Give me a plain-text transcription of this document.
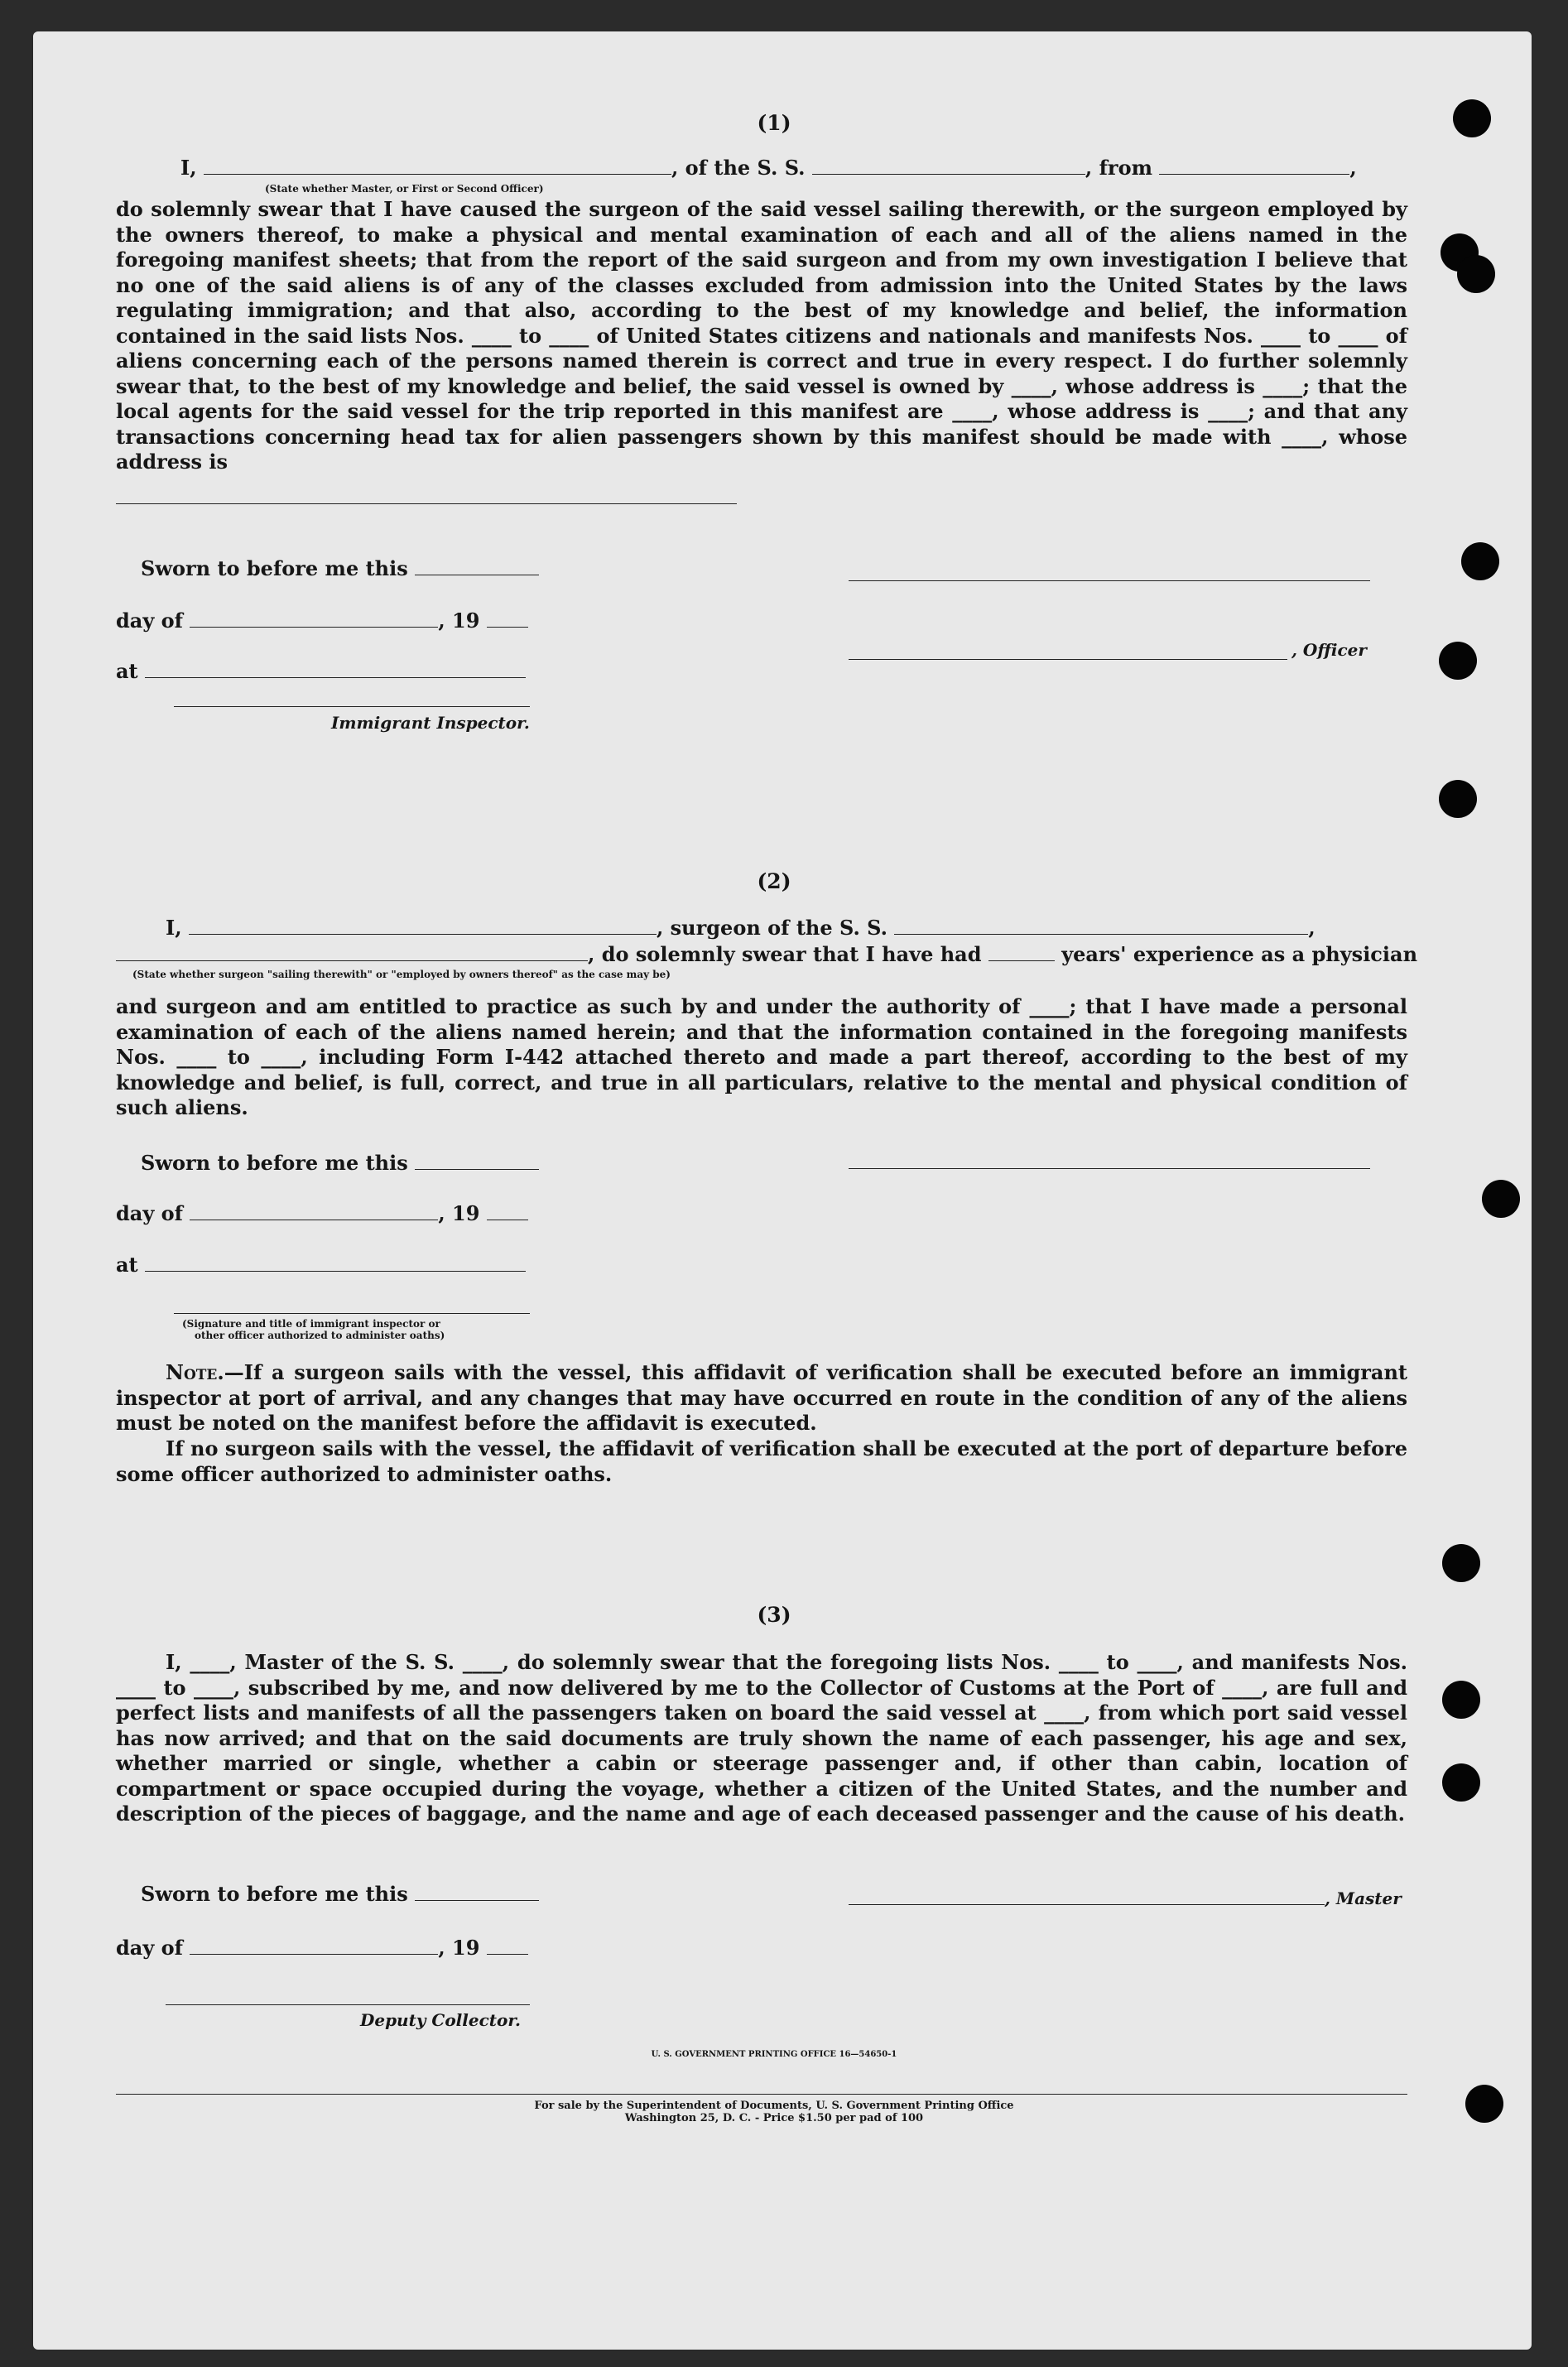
(1)
I,	, of the S. S.	, from	,
(State whether Master, or First or Second Officer)
do solemnly swear that I have caused the surgeon of the said vessel sailing therewith, or the surgeon employed by the owners thereof, to make a physical and mental examination of each and all of the aliens named in the foregoing manifest sheets; that from the report of the said surgeon and from my own investigation I believe that no one of the said aliens is of any of the classes excluded from admission into the United States by the laws regulating immigration; and that also, according to the best of my knowledge and belief, the information contained in the said lists Nos. ____ to ____ of United States citizens and nationals and manifests Nos. ____ to ____ of aliens concerning each of the persons named therein is correct and true in every respect. I do further solemnly swear that, to the best of my knowledge and belief, the said vessel is owned by ____, whose address is ____; that the local agents for the said vessel for the trip reported in this manifest are ____, whose address is ____; and that any transactions concerning head tax for alien passengers shown by this manifest should be made with ____, whose address is
Sworn to before me this
day of	, 19
, Officer
at
Immigrant Inspector.
(2)
I,	, surgeon of the S. S.	,
, do solemnly swear that I have had	years' experience as a physician
(State whether surgeon "sailing therewith" or "employed by owners thereof" as the case may be)
and surgeon and am entitled to practice as such by and under the authority of ____; that I have made a personal examination of each of the aliens named herein; and that the information contained in the foregoing manifests Nos. ____ to ____, including Form I-442 attached thereto and made a part thereof, according to the best of my knowledge and belief, is full, correct, and true in all particulars, relative to the mental and physical condition of such aliens.
Sworn to before me this
day of	, 19
at
(Signature and title of immigrant inspector or
other officer authorized to administer oaths)
Note.—If a surgeon sails with the vessel, this affidavit of verification shall be executed before an immigrant inspector at port of arrival, and any changes that may have occurred en route in the condition of any of the aliens must be noted on the manifest before the affidavit is executed.
If no surgeon sails with the vessel, the affidavit of verification shall be executed at the port of departure before some officer authorized to administer oaths.
(3)
I, ____, Master of the S. S. ____, do solemnly swear that the foregoing lists Nos. ____ to ____, and manifests Nos. ____ to ____, subscribed by me, and now delivered by me to the Collector of Customs at the Port of ____, are full and perfect lists and manifests of all the passengers taken on board the said vessel at ____, from which port said vessel has now arrived; and that on the said documents are truly shown the name of each passenger, his age and sex, whether married or single, whether a cabin or steerage passenger and, if other than cabin, location of compartment or space occupied during the voyage, whether a citizen of the United States, and the number and description of the pieces of baggage, and the name and age of each deceased passenger and the cause of his death.
Sworn to before me this	, Master
day of	, 19
Deputy Collector.
U. S. GOVERNMENT PRINTING OFFICE 16—54650-1
For sale by the Superintendent of Documents, U. S. Government Printing Office
Washington 25, D. C. - Price $1.50 per pad of 100
